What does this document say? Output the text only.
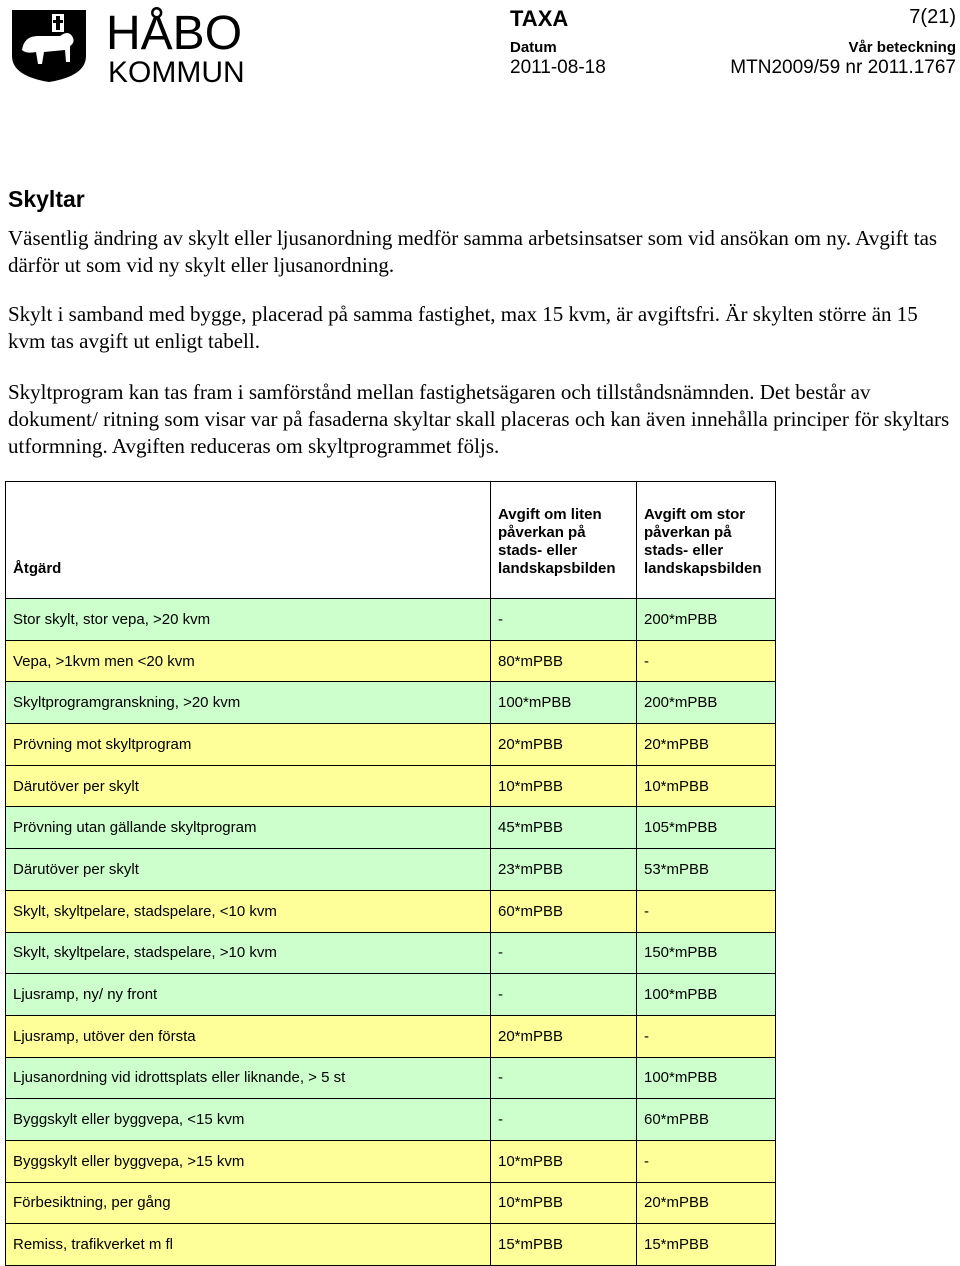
HÅBO
KOMMUN
TAXA	7(21)
Datum	Vår beteckning
2011-08-18	MTN2009/59 nr 2011.1767
Skyltar
Väsentlig ändring av skylt eller ljusanordning medför samma arbetsinsatser som vid ansökan om ny. Avgift tas därför ut som vid ny skylt eller ljusanordning.
Skylt i samband med bygge, placerad på samma fastighet, max 15 kvm, är avgiftsfri. Är skylten större än 15 kvm tas avgift ut enligt tabell.
Skyltprogram kan tas fram i samförstånd mellan fastighetsägaren och tillståndsnämnden. Det består av dokument/ ritning som visar var på fasaderna skyltar skall placeras och kan även innehålla principer för skyltars utformning. Avgiften reduceras om skyltprogrammet följs.
Åtgärd	Avgift om liten påverkan på stads- eller landskapsbilden	Avgift om stor påverkan på stads- eller landskapsbilden
Stor skylt, stor vepa, >20 kvm	-	200*mPBB
Vepa, >1kvm men <20 kvm	80*mPBB	-
Skyltprogramgranskning, >20 kvm	100*mPBB	200*mPBB
Prövning mot skyltprogram	20*mPBB	20*mPBB
Därutöver per skylt	10*mPBB	10*mPBB
Prövning utan gällande skyltprogram	45*mPBB	105*mPBB
Därutöver per skylt	23*mPBB	53*mPBB
Skylt, skyltpelare, stadspelare, <10 kvm	60*mPBB	-
Skylt, skyltpelare, stadspelare, >10 kvm	-	150*mPBB
Ljusramp, ny/ ny front	-	100*mPBB
Ljusramp, utöver den första	20*mPBB	-
Ljusanordning vid idrottsplats eller liknande, > 5 st	-	100*mPBB
Byggskylt eller byggvepa, <15 kvm	-	60*mPBB
Byggskylt eller byggvepa, >15 kvm	10*mPBB	-
Förbesiktning, per gång	10*mPBB	20*mPBB
Remiss, trafikverket m fl	15*mPBB	15*mPBB
